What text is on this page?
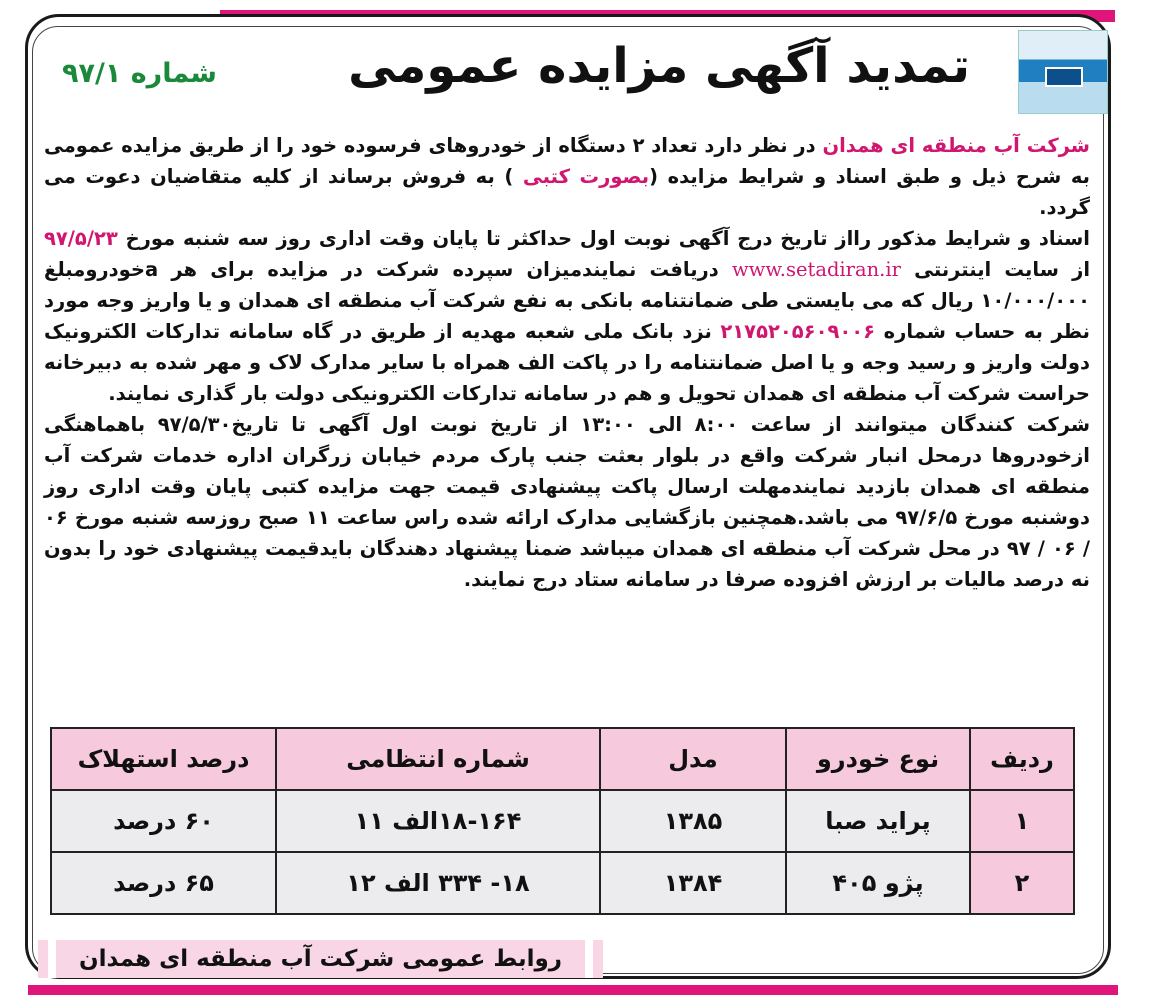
تمدید آگهی مزایده عمومی
شماره ۹۷/۱

شرکت آب منطقه ای همدان در نظر دارد تعداد ۲ دستگاه از خودروهای فرسوده خود را از طریق مزایده عمومی به شرح ذیل و طبق اسناد و شرایط مزایده (بصورت کتبی ) به فروش برساند از کلیه متقاضیان دعوت می گردد.

اسناد و شرایط مذکور رااز تاریخ درج آگهی نوبت اول حداکثر تا پایان وقت اداری روز سه شنبه مورخ ۹۷/۵/۲۳ از سایت اینترنتی www.setadiran.ir دریافت نمایندمیزان سپرده شرکت در مزایده برای هر aخودرومبلغ ۱۰/۰۰۰/۰۰۰ ریال که می بایستی طی ضمانتنامه بانکی به نفع شرکت آب منطقه ای همدان و یا واریز وجه مورد نظر به حساب شماره ۲۱۷۵۲۰۵۶۰۹۰۰۶ نزد بانک ملی شعبه مهدیه از طریق در گاه سامانه تدارکات الکترونیک دولت واریز و رسید وجه و یا اصل ضمانتنامه را در پاکت الف همراه با سایر مدارک لاک و مهر شده به دبیرخانه حراست شرکت آب منطقه ای همدان تحویل و هم در سامانه تدارکات الکترونیکی دولت بار گذاری نمایند.

شرکت کنندگان میتوانند از ساعت ۸:۰۰ الی ۱۳:۰۰ از تاریخ نوبت اول آگهی تا تاریخ۹۷/۵/۳۰ باهماهنگی ازخودروها درمحل انبار شرکت واقع در بلوار بعثت جنب پارک مردم خیابان زرگران اداره خدمات شرکت آب منطقه ای همدان بازدید نمایندمهلت ارسال پاکت پیشنهادی قیمت جهت مزایده کتبی پایان وقت اداری روز دوشنبه مورخ ۹۷/۶/۵ می باشد.همچنین بازگشایی مدارک ارائه شده راس ساعت ۱۱ صبح روزسه شنبه مورخ ۰۶ / ۰۶ / ۹۷ در محل شرکت آب منطقه ای همدان میباشد ضمنا پیشنهاد دهندگان بایدقیمت پیشنهادی خود را بدون نه درصد مالیات بر ارزش افزوده صرفا در سامانه ستاد درج نمایند.

ردیف	نوع خودرو	مدل	شماره انتظامی	درصد استهلاک
۱	پراید صبا	۱۳۸۵	۱۸-۱۶۴الف ۱۱	۶۰ درصد
۲	پژو ۴۰۵	۱۳۸۴	۱۸- ۳۳۴ الف ۱۲	۶۵ درصد
روابط عمومی شرکت آب منطقه ای همدان
